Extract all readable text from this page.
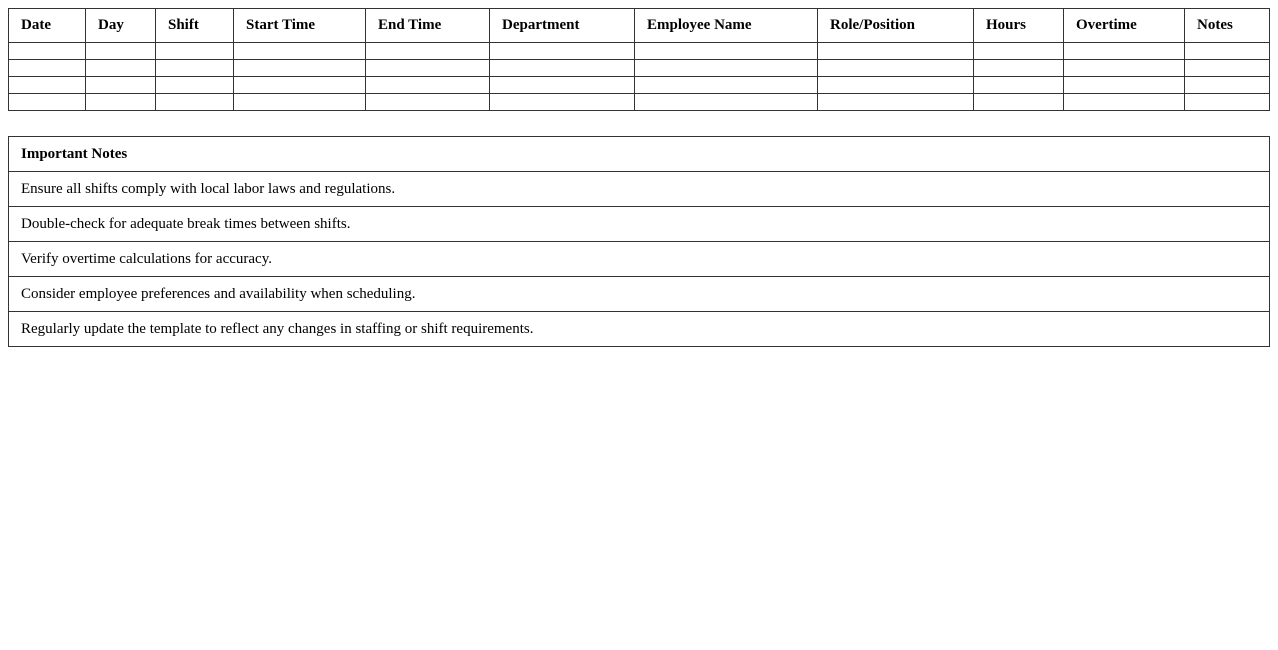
Date	Day	Shift	Start Time	End Time	Department	Employee Name	Role/Position	Hours	Overtime	Notes

Important Notes
Ensure all shifts comply with local labor laws and regulations.
Double-check for adequate break times between shifts.
Verify overtime calculations for accuracy.
Consider employee preferences and availability when scheduling.
Regularly update the template to reflect any changes in staffing or shift requirements.
